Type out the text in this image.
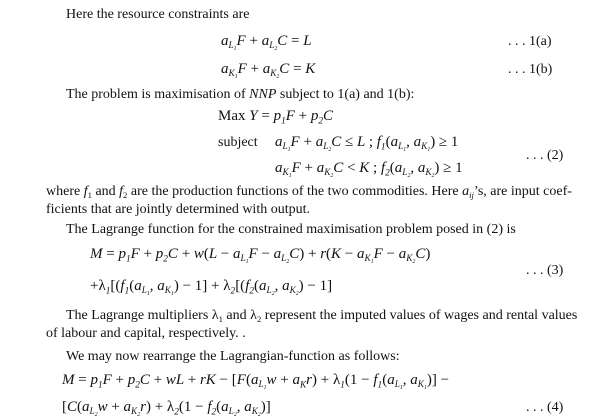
Here the resource constraints are
$a_{L_1}F + a_{L_2}C = L$	. . . 1(a)
$a_{K_1}F + a_{K_2}C = K$	. . . 1(b)
The problem is maximisation of NNP subject to 1(a) and 1(b):
Max $Y = p_1F + p_2C$
subject $a_{L_1}F + a_{L_2}C \le L$ ; $f_1(a_{L_1}$, $a_{K_1}) \ge 1$
$a_{K_1}F + a_{K_2}C < K$ ; $f_2(a_{L_2}$, $a_{K_2}) \ge 1$
. . . (2)
where $f_1$ and $f_2$ are the production functions of the two commodities. Here $a_{ij}’s$, are input coef-
ficients that are jointly determined with output.
The Lagrange function for the constrained maximisation problem posed in (2) is
$M = p_1F + p_2C + w(L - a_{L_1}F - a_{L_2}C) + r(K - a_{K_1}F - a_{K_2}C)$
$+\lambda_1[(f_1(a_{L_1}$, $a_{K_1}) - 1] + \lambda_2[(f_2(a_{L_2}$, $a_{K_2}) - 1$]
. . . (3)
The Lagrange multipliers $\lambda_1$ and $\lambda_2$ represent the imputed values of wages and rental values
of labour and capital, respectively. .
We may now rearrange the Lagrangian-function as follows:
$M = p_1F + p_2C$ + wL + rK − [$F(a_{L_1}w + a_Kr) + \lambda_1(1 - f_1(a_{L_1}$, $a_{K_1}$)] −
[$C(a_{L_2}w + a_{K_2}r) + \lambda_2(1 - f_2(a_{L_2}$, $a_{K_2}$)]	. . . (4)
